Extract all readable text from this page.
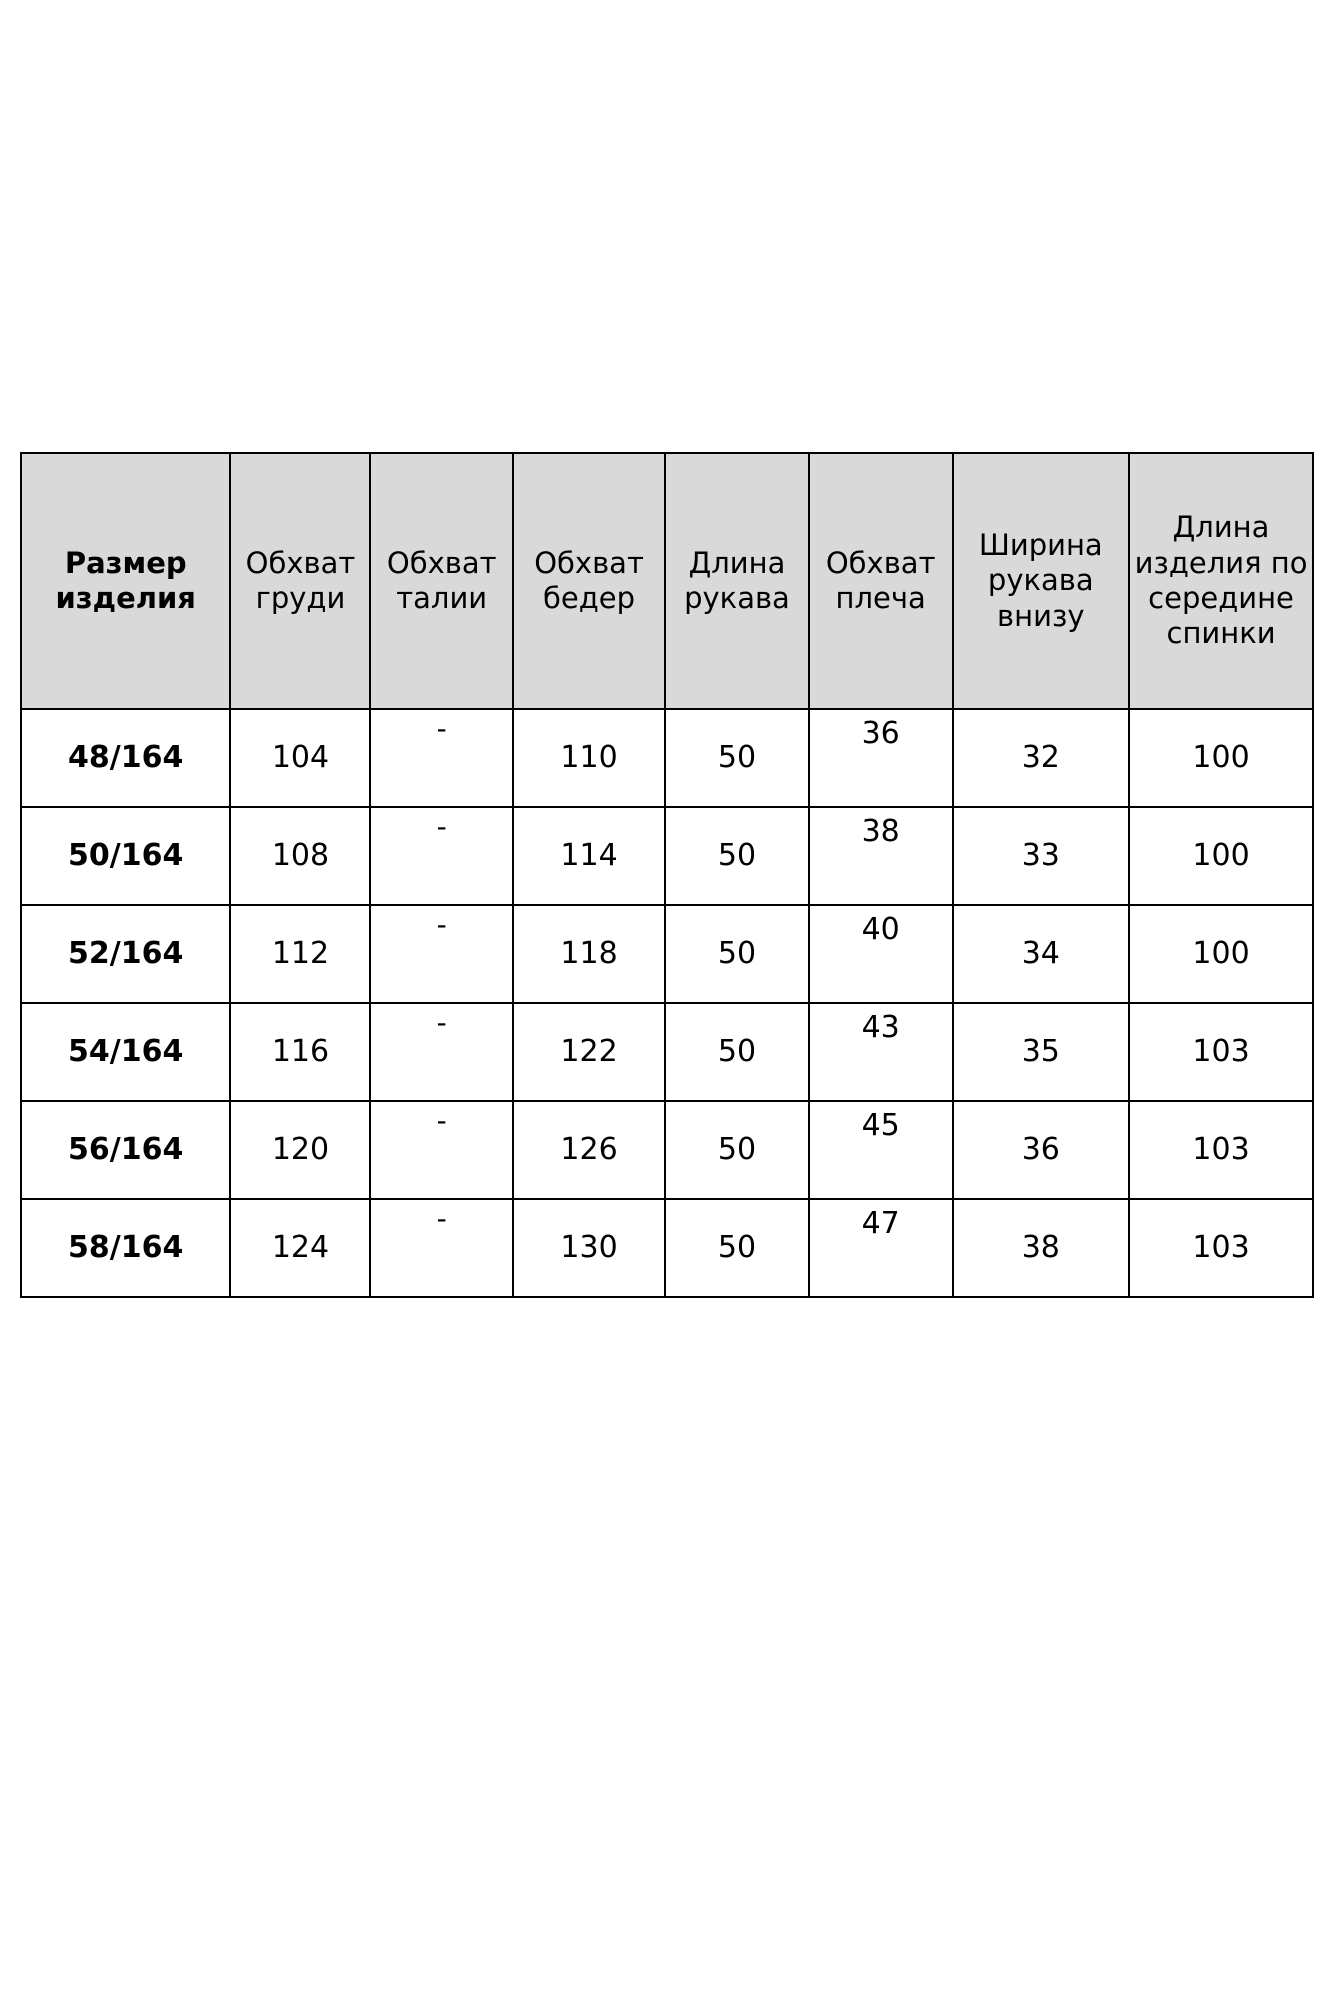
Размер изделия	Обхват груди	Обхват талии	Обхват бедер	Длина рукава	Обхват плеча	Ширина рукава внизу	Длина изделия по середине спинки
48/164	104	-	110	50	36	32	100
50/164	108	-	114	50	38	33	100
52/164	112	-	118	50	40	34	100
54/164	116	-	122	50	43	35	103
56/164	120	-	126	50	45	36	103
58/164	124	-	130	50	47	38	103
